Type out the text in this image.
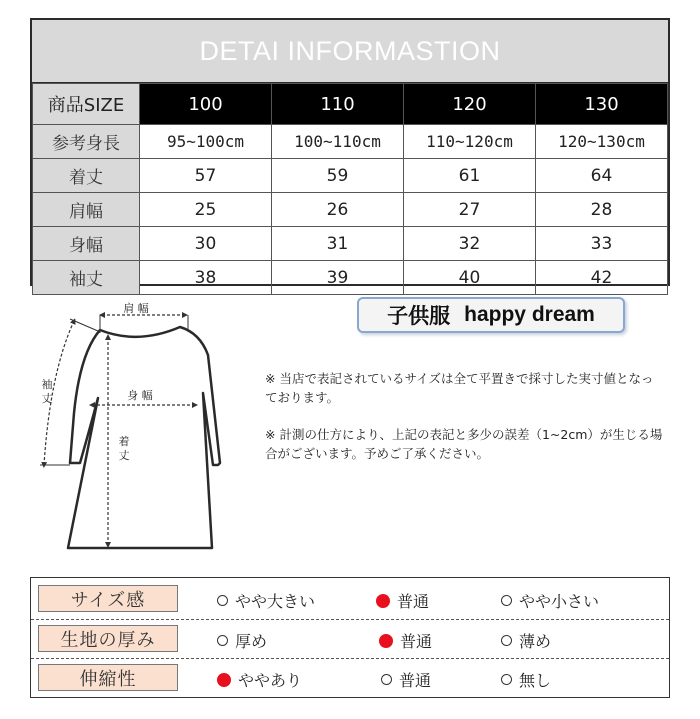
DETAI INFORMASTION
商品SIZE	100	110	120	130
参考身長	95~100cm	100~110cm	110~120cm	120~130cm
着丈	57	59	61	64
肩幅	25	26	27	28
身幅	30	31	32	33
袖丈	38	39	40	42
肩 幅
身 幅
着
丈
袖
丈
子供服 happy dream
※ 当店で表記されているサイズは全て平置きで採寸した実寸値となっております。
※ 計測の仕方により、上記の表記と多少の誤差（1~2cm）が生じる場合がございます。予めご了承ください。
サイズ感	やや大きい	普通	やや小さい
生地の厚み	厚め	普通	薄め
伸縮性	ややあり	普通	無し
